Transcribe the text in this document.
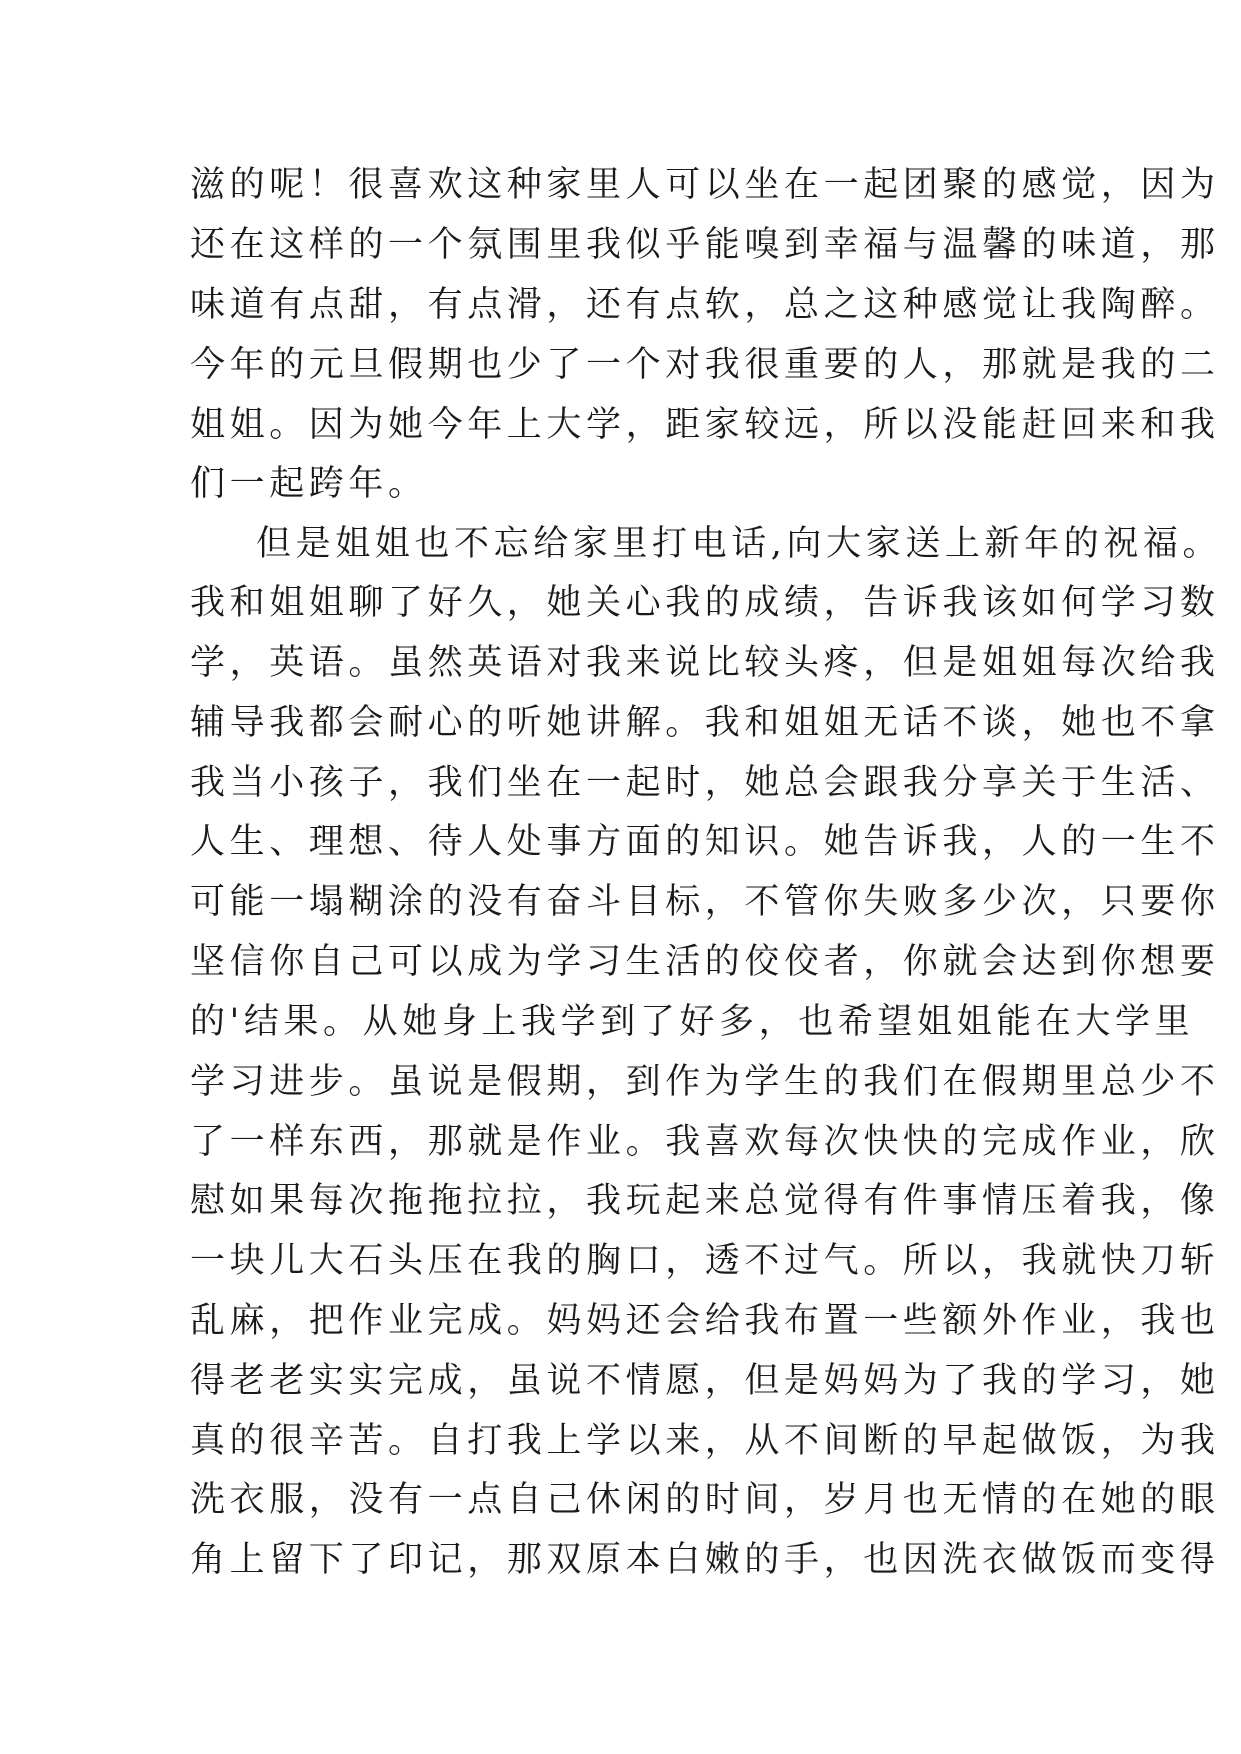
滋的呢！很喜欢这种家里人可以坐在一起团聚的感觉，因为
还在这样的一个氛围里我似乎能嗅到幸福与温馨的味道，那
味道有点甜，有点滑，还有点软，总之这种感觉让我陶醉。
今年的元旦假期也少了一个对我很重要的人，那就是我的二
姐姐。因为她今年上大学，距家较远，所以没能赶回来和我
们一起跨年。
但是姐姐也不忘给家里打电话,向大家送上新年的祝福。
我和姐姐聊了好久，她关心我的成绩，告诉我该如何学习数
学，英语。虽然英语对我来说比较头疼，但是姐姐每次给我
辅导我都会耐心的听她讲解。我和姐姐无话不谈，她也不拿
我当小孩子，我们坐在一起时，她总会跟我分享关于生活、
人生、理想、待人处事方面的知识。她告诉我，人的一生不
可能一塌糊涂的没有奋斗目标，不管你失败多少次，只要你
坚信你自己可以成为学习生活的佼佼者，你就会达到你想要
的'结果。从她身上我学到了好多，也希望姐姐能在大学里
学习进步。虽说是假期，到作为学生的我们在假期里总少不
了一样东西，那就是作业。我喜欢每次快快的完成作业，欣
慰如果每次拖拖拉拉，我玩起来总觉得有件事情压着我，像
一块儿大石头压在我的胸口，透不过气。所以，我就快刀斩
乱麻，把作业完成。妈妈还会给我布置一些额外作业，我也
得老老实实完成，虽说不情愿，但是妈妈为了我的学习，她
真的很辛苦。自打我上学以来，从不间断的早起做饭，为我
洗衣服，没有一点自己休闲的时间，岁月也无情的在她的眼
角上留下了印记，那双原本白嫩的手，也因洗衣做饭而变得
